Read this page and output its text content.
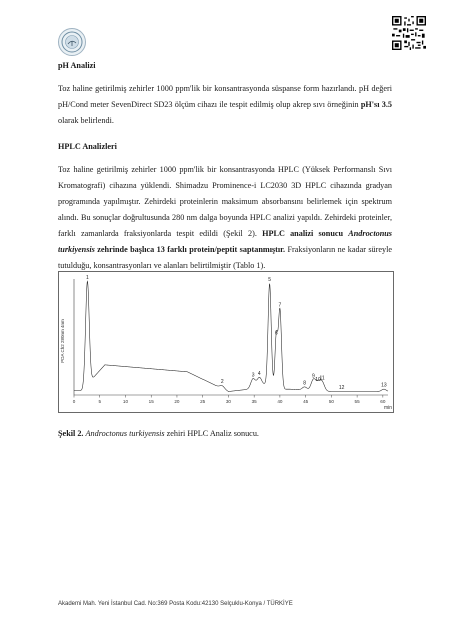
pH Analizi

Toz haline getirilmiş zehirler 1000 ppm'lik bir konsantrasyonda süspanse form hazırlandı. pH değeri pH/Cond meter SevenDirect SD23 ölçüm cihazı ile tespit edilmiş olup akrep sıvı örneğinin pH'sı 3.5 olarak belirlendi.

HPLC Analizleri

Toz haline getirilmiş zehirler 1000 ppm'lik bir konsantrasyonda HPLC (Yüksek Performanslı Sıvı Kromatografi) cihazına yüklendi. Shimadzu Prominence-i LC2030 3D HPLC cihazında gradyan programında yapılmıştır. Zehirdeki proteinlerin maksimum absorbansını belirlemek için spektrum alındı. Bu sonuçlar doğrultusunda 280 nm dalga boyunda HPLC analizi yapıldı. Zehirdeki proteinler, farklı zamanlarda fraksiyonlarda tespit edildi (Şekil 2). HPLC analizi sonucu Androctonus turkiyensis zehrinde başlıca 13 farklı protein/peptit saptanmıştır. Fraksiyonların ne kadar süreyle tutulduğu, konsantrasyonları ve alanları belirtilmiştir (Tablo 1).

PDA Ch2 280nm 4nm
min
0	5	10	15	20	25	30	35	40	45	50	55	60
1
2
3 4
5
6
7
8
9
10
11
12	13
Şekil 2. Androctonus turkiyensis zehiri HPLC Analiz sonucu.
Akademi Mah. Yeni İstanbul Cad. No:369 Posta Kodu:42130 Selçuklu-Konya / TÜRKİYE
